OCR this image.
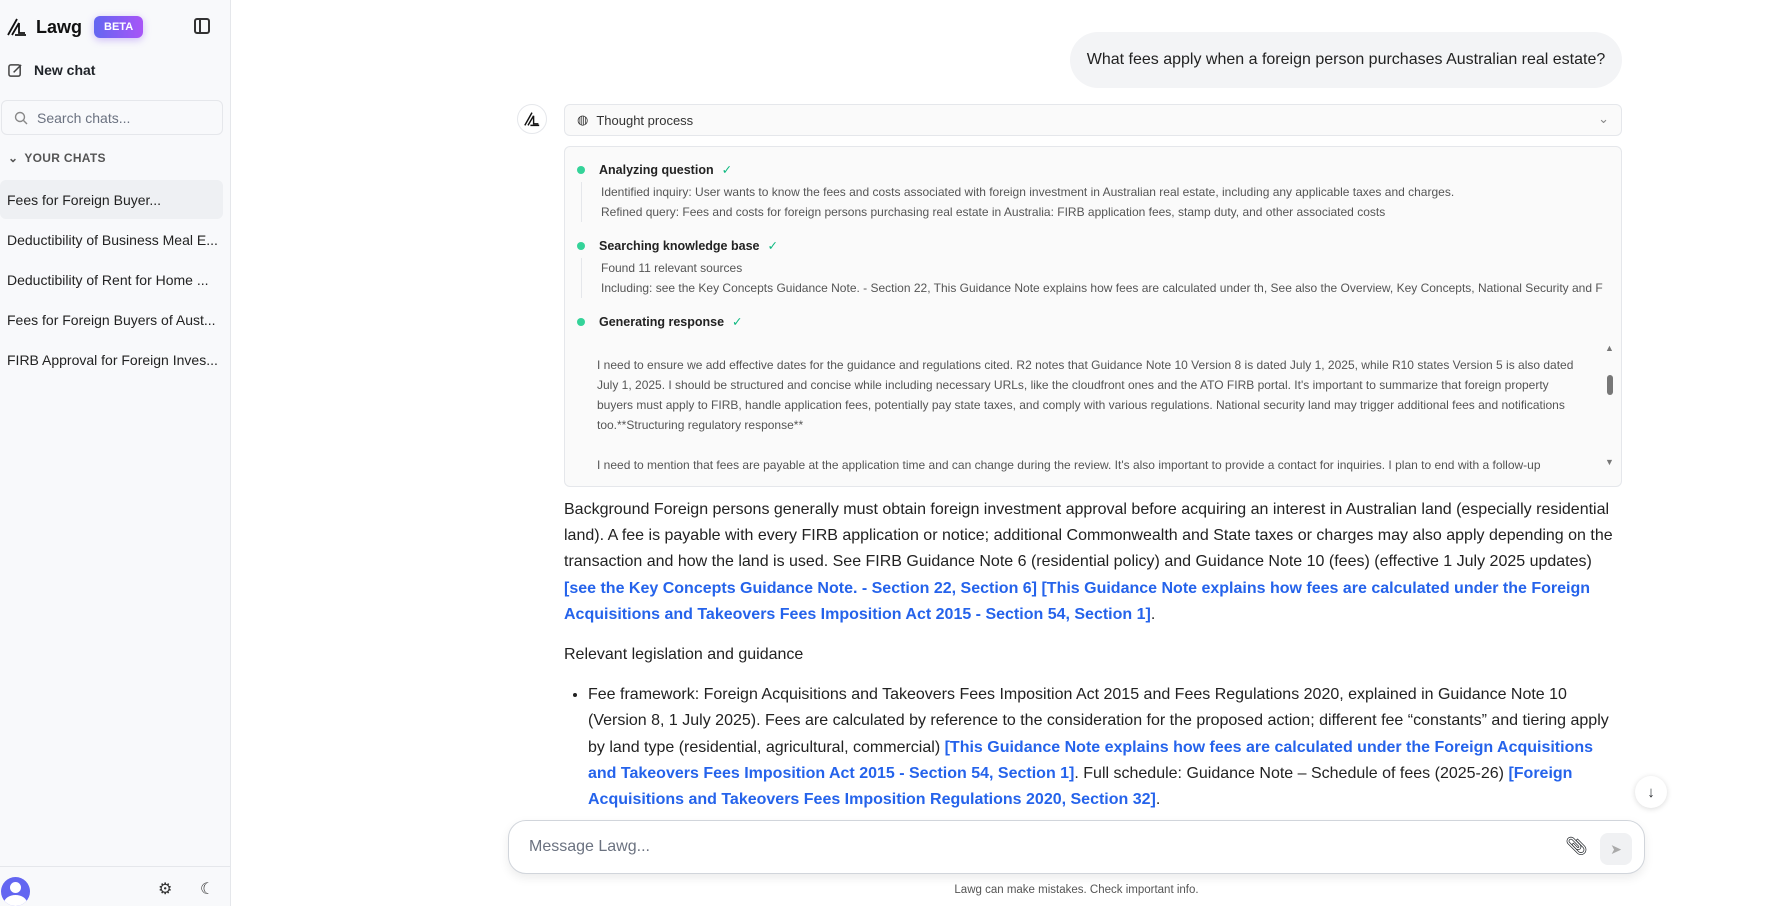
Lawg	BETA
New chat
Search chats...
⌄ YOUR CHATS
Fees for Foreign Buyer...
Deductibility of Business Meal E...
Deductibility of Rent for Home ...
Fees for Foreign Buyers of Aust...
FIRB Approval for Foreign Inves...
⚙ ☾
What fees apply when a foreign person purchases Australian real estate?
◍ Thought process	⌄
Analyzing question ✓
Identified inquiry: User wants to know the fees and costs associated with foreign investment in Australian real estate, including any applicable taxes and charges.
Refined query: Fees and costs for foreign persons purchasing real estate in Australia: FIRB application fees, stamp duty, and other associated costs
Searching knowledge base ✓
Found 11 relevant sources
Including: see the Key Concepts Guidance Note. - Section 22, This Guidance Note explains how fees are calculated under th, See also the Overview, Key Concepts, National Security and F
Generating response ✓

I need to ensure we add effective dates for the guidance and regulations cited. R2 notes that Guidance Note 10 Version 8 is dated July 1, 2025, while R10 states Version 5 is also dated July 1, 2025. I should be structured and concise while including necessary URLs, like the cloudfront ones and the ATO FIRB portal. It's important to summarize that foreign property buyers must apply to FIRB, handle application fees, potentially pay state taxes, and comply with various regulations. National security land may trigger additional fees and notifications too.**Structuring regulatory response**

I need to mention that fees are payable at the application time and can change during the review. It's also important to provide a contact for inquiries. I plan to end with a follow-up

▲
▼

Background Foreign persons generally must obtain foreign investment approval before acquiring an interest in Australian land (especially residential land). A fee is payable with every FIRB application or notice; additional Commonwealth and State taxes or charges may also apply depending on the transaction and how the land is used. See FIRB Guidance Note 6 (residential policy) and Guidance Note 10 (fees) (effective 1 July 2025 updates) [see the Key Concepts Guidance Note. - Section 22, Section 6] [This Guidance Note explains how fees are calculated under the Foreign Acquisitions and Takeovers Fees Imposition Act 2015 - Section 54, Section 1].

Relevant legislation and guidance

• Fee framework: Foreign Acquisitions and Takeovers Fees Imposition Act 2015 and Fees Regulations 2020, explained in Guidance Note 10 (Version 8, 1 July 2025). Fees are calculated by reference to the consideration for the proposed action; different fee “constants” and tiering apply by land type (residential, agricultural, commercial) [This Guidance Note explains how fees are calculated under the Foreign Acquisitions and Takeovers Fees Imposition Act 2015 - Section 54, Section 1]. Full schedule: Guidance Note – Schedule of fees (2025-26) [Foreign Acquisitions and Takeovers Fees Imposition Regulations 2020, Section 32].	↓
Message Lawg...
📎︎ ➤
Lawg can make mistakes. Check important info.
